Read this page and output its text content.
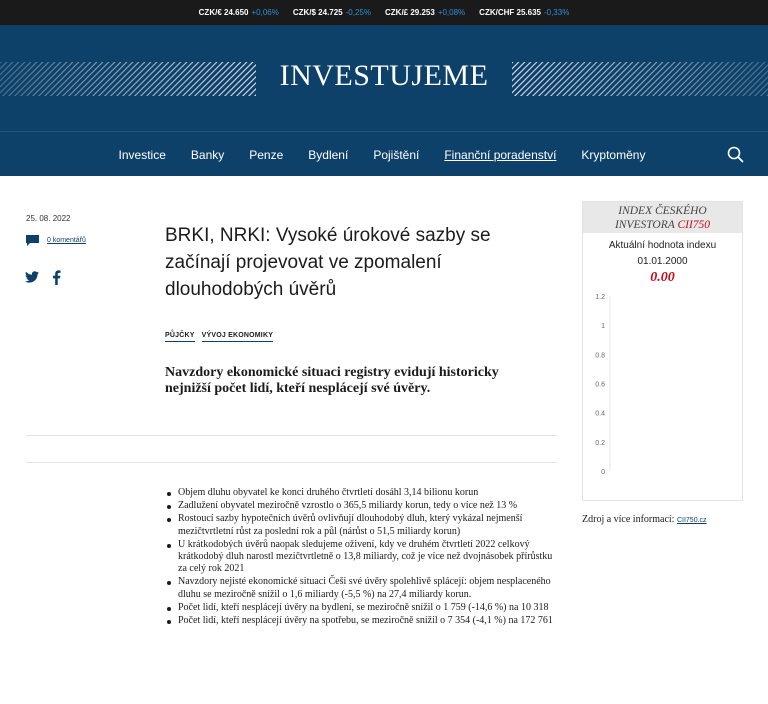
CZK/€ 24.650 +0,06% CZK/$ 24.725 -0,25% CZK/£ 29.253 +0,08% CZK/CHF 25.635 -0,33%
INVESTUJEME
Investice Banky Penze Bydlení Pojištění Finanční poradenství Kryptoměny
25. 08. 2022
0 komentářů	BRKI, NRKI: Vysoké úrokové sazby se začínají projevovat ve zpomalení dlouhodobých úvěrů
PŮJČKY VÝVOJ EKONOMIKY

Navzdory ekonomické situaci registry evidují historicky nejnižší počet lidí, kteří nesplácejí své úvěry.

Objem dluhu obyvatel ke konci druhého čtvrtletí dosáhl 3,14 bilionu korun
Zadlužení obyvatel meziročně vzrostlo o 365,5 miliardy korun, tedy o více než 13 %
Rostoucí sazby hypotečních úvěrů ovlivňují dlouhodobý dluh, který vykázal nejmenší mezičtvrtletní růst za poslední rok a půl (nárůst o 51,5 miliardy korun)
U krátkodobých úvěrů naopak sledujeme oživení, kdy ve druhém čtvrtletí 2022 celkový krátkodobý dluh narostl mezičtvrtletně o 13,8 miliardy, což je více než dvojnásobek přírůstku za celý rok 2021
Navzdory nejisté ekonomické situaci Češi své úvěry spolehlivě splácejí: objem nesplaceného dluhu se meziročně snížil o 1,6 miliardy (-5,5 %) na 27,4 miliardy korun.
Počet lidí, kteří nesplácejí úvěry na bydlení, se meziročně snížil o 1 759 (-14,6 %) na 10 318
Počet lidí, kteří nesplácejí úvěry na spotřebu, se meziročně snížil o 7 354 (-4,1 %) na 172 761
INDEX ČESKÉHO
INVESTORA CII750
Aktuální hodnota indexu
01.01.2000
0.00
1.2
1
0.8
0.6
0.4
0.2
0
Zdroj a více informací: CII750.cz
